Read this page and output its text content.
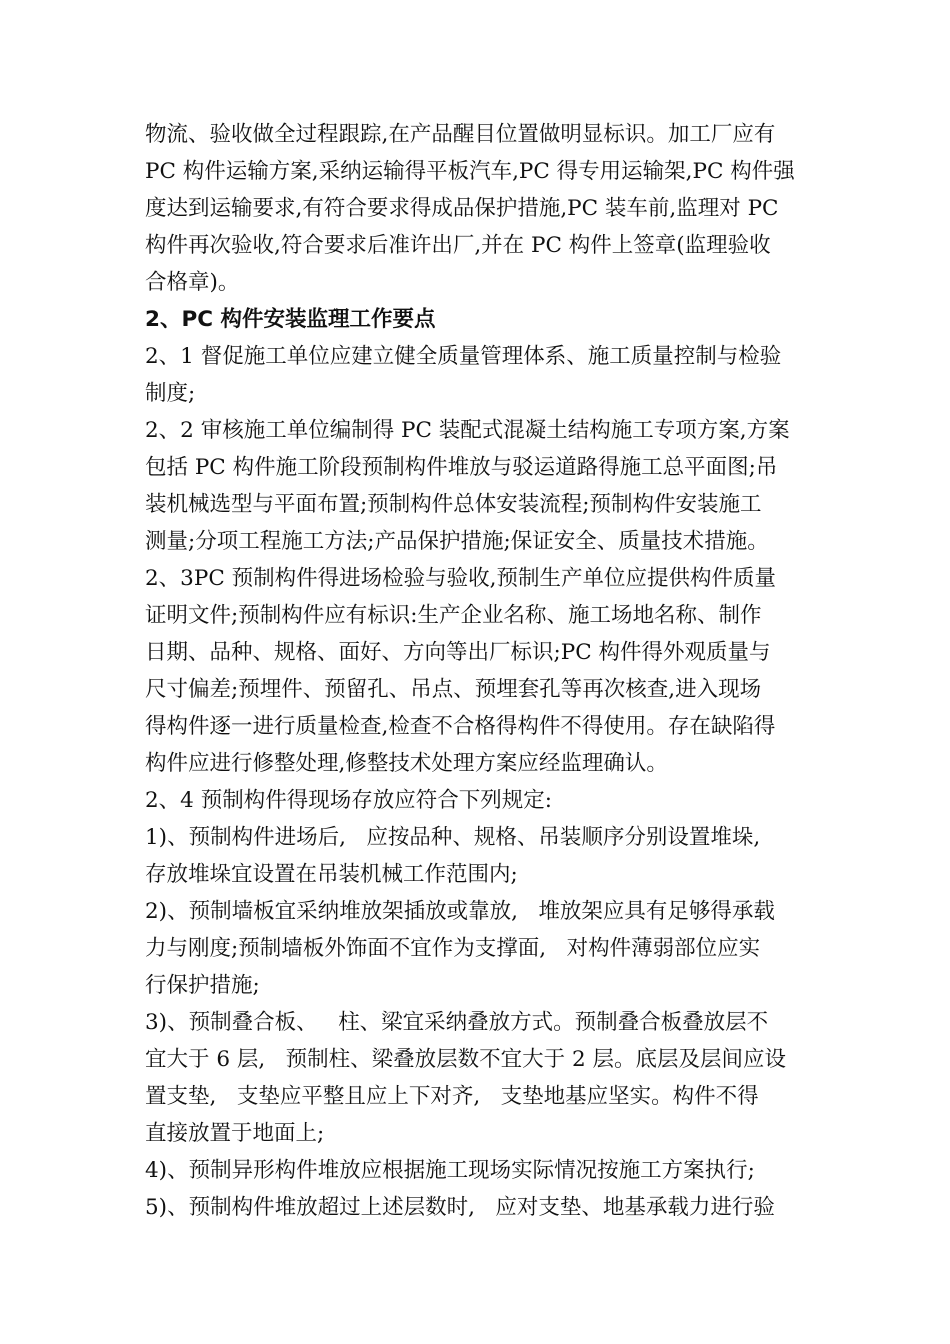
物流、验收做全过程跟踪,在产品醒目位置做明显标识。加工厂应有
PC 构件运输方案,采纳运输得平板汽车,PC 得专用运输架,PC 构件强
度达到运输要求,有符合要求得成品保护措施,PC 装车前,监理对 PC
构件再次验收,符合要求后准许出厂,并在 PC 构件上签章(监理验收
合格章)。
2、PC 构件安装监理工作要点
2、1 督促施工单位应建立健全质量管理体系、施工质量控制与检验
制度;
2、2 审核施工单位编制得 PC 装配式混凝土结构施工专项方案,方案
包括 PC 构件施工阶段预制构件堆放与驳运道路得施工总平面图;吊
装机械选型与平面布置;预制构件总体安装流程;预制构件安装施工
测量;分项工程施工方法;产品保护措施;保证安全、质量技术措施。
2、3PC 预制构件得进场检验与验收,预制生产单位应提供构件质量
证明文件;预制构件应有标识:生产企业名称、施工场地名称、制作
日期、品种、规格、面好、方向等出厂标识;PC 构件得外观质量与
尺寸偏差;预埋件、预留孔、吊点、预埋套孔等再次核查,进入现场
得构件逐一进行质量检查,检查不合格得构件不得使用。存在缺陷得
构件应进行修整处理,修整技术处理方案应经监理确认。
2、4 预制构件得现场存放应符合下列规定:
1)、预制构件进场后,   应按品种、规格、吊装顺序分别设置堆垛,
存放堆垛宜设置在吊装机械工作范围内;
2)、预制墙板宜采纳堆放架插放或靠放,   堆放架应具有足够得承载
力与刚度;预制墙板外饰面不宜作为支撑面,   对构件薄弱部位应实
行保护措施;
3)、预制叠合板、   柱、梁宜采纳叠放方式。预制叠合板叠放层不
宜大于 6 层,   预制柱、梁叠放层数不宜大于 2 层。底层及层间应设
置支垫,   支垫应平整且应上下对齐,   支垫地基应坚实。构件不得
直接放置于地面上;
4)、预制异形构件堆放应根据施工现场实际情况按施工方案执行;
5)、预制构件堆放超过上述层数时,   应对支垫、地基承载力进行验
